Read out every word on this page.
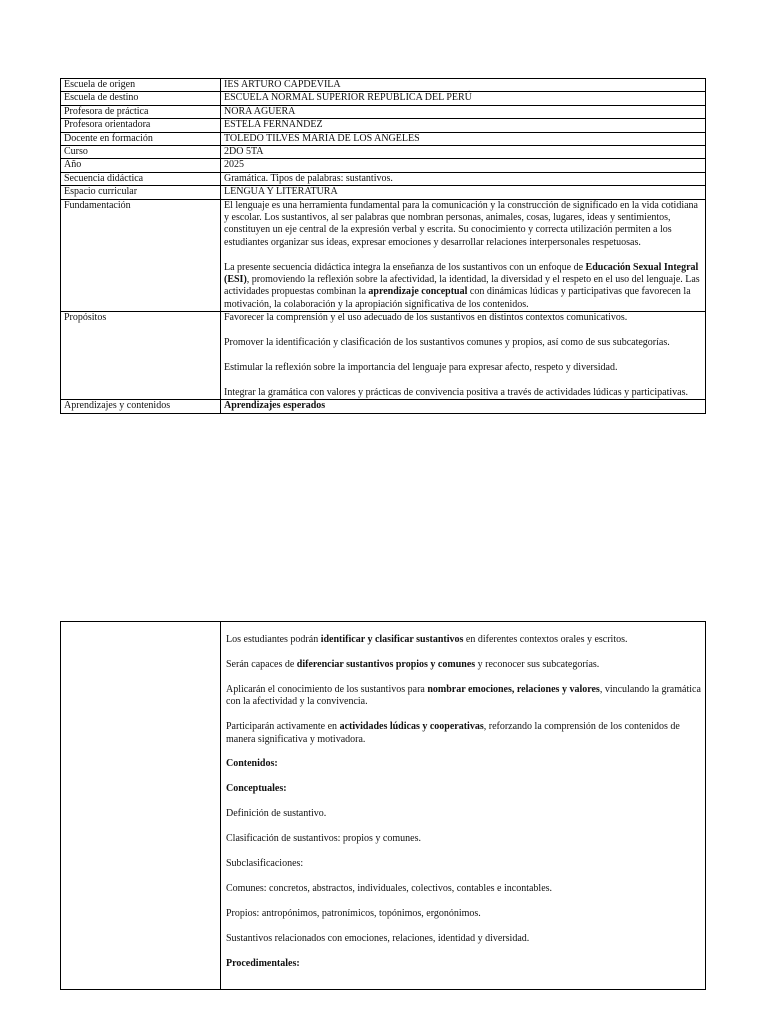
Escuela de origen	IES ARTURO CAPDEVILA
Escuela de destino	ESCUELA NORMAL SUPERIOR REPUBLICA DEL PERÚ
Profesora de práctica	NORA AGUERA
Profesora orientadora	ESTELA FERNANDEZ
Docente en formación	TOLEDO TILVES MARIA DE LOS ANGELES
Curso	2DO 5TA
Año	2025
Secuencia didáctica	Gramática. Tipos de palabras: sustantivos.
Espacio curricular	LENGUA Y LITERATURA
Fundamentación	El lenguaje es una herramienta fundamental para la comunicación y la construcción de significado en la vida cotidiana y escolar. Los sustantivos, al ser palabras que nombran personas, animales, cosas, lugares, ideas y sentimientos, constituyen un eje central de la expresión verbal y escrita. Su conocimiento y correcta utilización permiten a los estudiantes organizar sus ideas, expresar emociones y desarrollar relaciones interpersonales respetuosas.

La presente secuencia didáctica integra la enseñanza de los sustantivos con un enfoque de Educación Sexual Integral (ESI), promoviendo la reflexión sobre la afectividad, la identidad, la diversidad y el respeto en el uso del lenguaje. Las actividades propuestas combinan la aprendizaje conceptual con dinámicas lúdicas y participativas que favorecen la motivación, la colaboración y la apropiación significativa de los contenidos.

Propósitos	Favorecer la comprensión y el uso adecuado de los sustantivos en distintos contextos comunicativos.

Promover la identificación y clasificación de los sustantivos comunes y propios, así como de sus subcategorías.

Estimular la reflexión sobre la importancia del lenguaje para expresar afecto, respeto y diversidad.

Integrar la gramática con valores y prácticas de convivencia positiva a través de actividades lúdicas y participativas.

Aprendizajes y contenidos	Aprendizajes esperados

Los estudiantes podrán identificar y clasificar sustantivos en diferentes contextos orales y escritos.

Serán capaces de diferenciar sustantivos propios y comunes y reconocer sus subcategorías.

Aplicarán el conocimiento de los sustantivos para nombrar emociones, relaciones y valores, vinculando la gramática con la afectividad y la convivencia.

Participarán activamente en actividades lúdicas y cooperativas, reforzando la comprensión de los contenidos de manera significativa y motivadora.

Contenidos:

Conceptuales:

Definición de sustantivo.

Clasificación de sustantivos: propios y comunes.

Subclasificaciones:

Comunes: concretos, abstractos, individuales, colectivos, contables e incontables.

Propios: antropónimos, patronímicos, topónimos, ergonónimos.

Sustantivos relacionados con emociones, relaciones, identidad y diversidad.

Procedimentales:
